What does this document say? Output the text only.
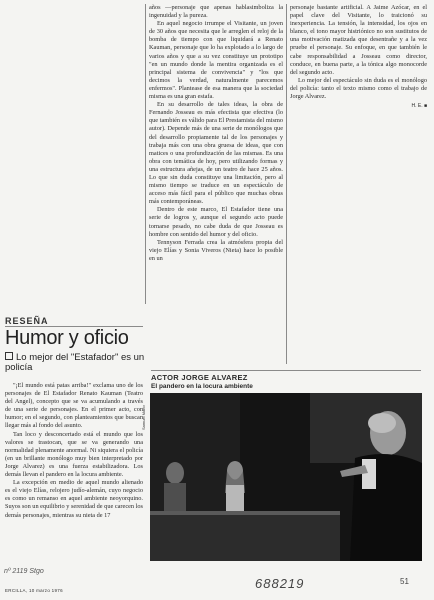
años —personaje que apenas hablasimboliza la ingenuidad y la pureza.

En aquel negocio irrumpe el Visitante, un joven de 30 años que necesita que le arreglen el reloj de la bomba de tiempo con que liquidará a Renato Kauman, personaje que lo ha explotado a lo largo de varios años y que a su vez constituye un prototipo "en un mundo donde la mentira organizada es el principal sistema de convivencia" y "los que decimos la verdad, naturalmente parecemos enfermos". Plantease de esa manera que la sociedad misma es una gran estafa.

En su desarrollo de tales ideas, la obra de Fernando Josseau es más efectista que efectiva (lo que también es válido para El Prestamista del mismo autor). Depende más de una serie de monólogos que del desarrollo propiamente tal de los personajes y trabaja más con una obra gruesa de ideas, que con matices o una profundización de las mismas. Es una obra con temática de hoy, pero utilizando formas y una estructura añejas, de un teatro de hace 25 años. Lo que sin duda constituye una limitación, pero al mismo tiempo se traduce en un espectáculo de acceso más fácil para el público que muchas obras más contemporáneas.

Dentro de este marco, El Estafador tiene una serie de logros y, aunque el segundo acto puede tornarse pesado, no cabe duda de que Josseau es hombre con sentido del humor y del oficio.

Tennyson Ferrada crea la atmósfera propia del viejo Elías y Sonia Viveros (Nieta) hace lo posible en un

personaje bastante artificial. A Jaime Azócar, en el papel clave del Visitante, lo traicionó su inexperiencia. La tensión, la intensidad, los ojos en blanco, el tono mayor histriónico no son sustitutos de una motivación matizada que desentrañe y a la vez pruebe el personaje. Su enfoque, en que también le cabe responsabilidad a Josseau como director, conduce, en buena parte, a la tónica algo monocorde del segundo acto.

Lo mejor del espectáculo sin duda es el monólogo del policía: tanto el texto mismo como el trabajo de Jorge Alvarez.

H. E. ■
RESEÑA
Humor y oficio
Lo mejor del "Estafador" es un policía

"¡El mundo está patas arriba!" exclama uno de los personajes de El Estafador Renato Kauman (Teatro del Angel), concepto que se va acumulando a través de una serie de personajes. En el primer acto, con humor; en el segundo, con planteamientos que buscan llegar más al fondo del asunto.

Tan loco y desconcertado está el mundo que los valores se trastocan, que se va generando una normalidad plenamente anormal. Ni siquiera el policía (en un brillante monólogo muy bien interpretado por Jorge Alvarez) es una fuerza estabilizadora. Los demás llevan el pandero en la locura ambiente.

La excepción en medio de aquel mundo alienado es el viejo Elías, relojero judío-alemán, cuyo negocio es como un remanso en aquel ambiente neoyorquino. Suyos son un equilibrio y serenidad de que carecen los demás personajes, mientras su nieta de 17

ACTOR JORGE ALVAREZ
El pandero en la locura ambiente
Samuel Mario
nº 2119 Stgo
ERCILLA, 10 marzo 1976	688219	51
